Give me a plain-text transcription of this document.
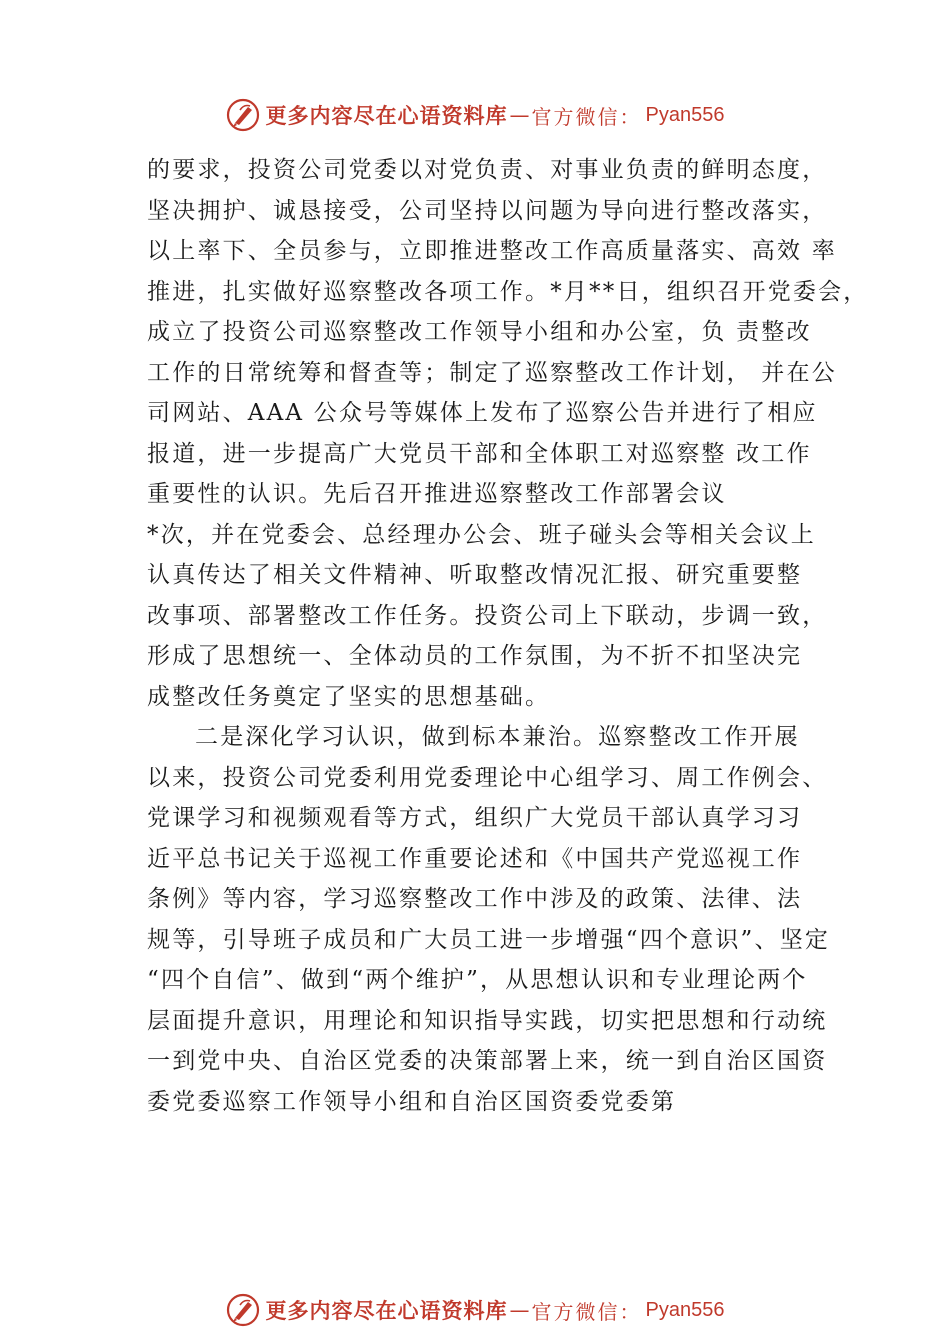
更多内容尽在心语资料库 — 官方微信： Pyan556
的要求，投资公司党委以对党负责、对事业负责的鲜明态度，
坚决拥护、诚恳接受，公司坚持以问题为导向进行整改落实，
以上率下、全员参与，立即推进整改工作高质量落实、高效 率
推进，扎实做好巡察整改各项工作。*月**日，组织召开党委会，
成立了投资公司巡察整改工作领导小组和办公室，负 责整改
工作的日常统筹和督查等；制定了巡察整改工作计划， 并在公
司网站、AAA 公众号等媒体上发布了巡察公告并进行了相应
报道，进一步提高广大党员干部和全体职工对巡察整 改工作
重要性的认识。先后召开推进巡察整改工作部署会议
*次，并在党委会、总经理办公会、班子碰头会等相关会议上
认真传达了相关文件精神、听取整改情况汇报、研究重要整
改事项、部署整改工作任务。投资公司上下联动，步调一致，
形成了思想统一、全体动员的工作氛围，为不折不扣坚决完
成整改任务奠定了坚实的思想基础。
二是深化学习认识，做到标本兼治。巡察整改工作开展
以来，投资公司党委利用党委理论中心组学习、周工作例会、
党课学习和视频观看等方式，组织广大党员干部认真学习习
近平总书记关于巡视工作重要论述和《中国共产党巡视工作
条例》等内容，学习巡察整改工作中涉及的政策、法律、法
规等，引导班子成员和广大员工进一步增强“四个意识”、坚定
“四个自信”、做到“两个维护”，从思想认识和专业理论两个
层面提升意识，用理论和知识指导实践，切实把思想和行动统
一到党中央、自治区党委的决策部署上来，统一到自治区国资
委党委巡察工作领导小组和自治区国资委党委第
更多内容尽在心语资料库 — 官方微信： Pyan556
